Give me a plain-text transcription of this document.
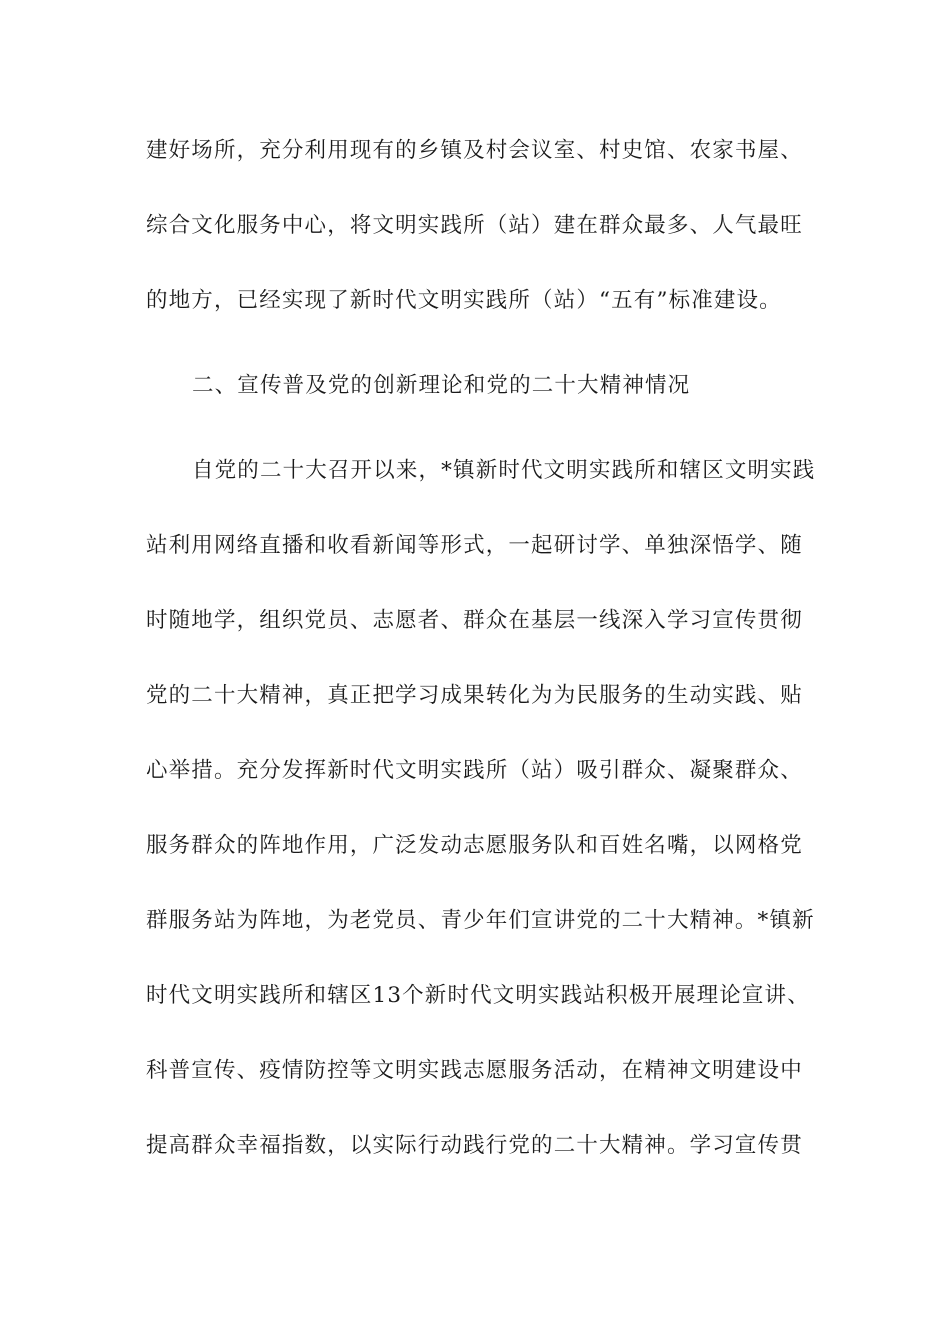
建好场所，充分利用现有的乡镇及村会议室、村史馆、农家书屋、
综合文化服务中心，将文明实践所（站）建在群众最多、人气最旺
的地方，已经实现了新时代文明实践所（站）“五有”标准建设。
二、宣传普及党的创新理论和党的二十大精神情况
自党的二十大召开以来，*镇新时代文明实践所和辖区文明实践
站利用网络直播和收看新闻等形式，一起研讨学、单独深悟学、随
时随地学，组织党员、志愿者、群众在基层一线深入学习宣传贯彻
党的二十大精神，真正把学习成果转化为为民服务的生动实践、贴
心举措。充分发挥新时代文明实践所（站）吸引群众、凝聚群众、
服务群众的阵地作用，广泛发动志愿服务队和百姓名嘴，以网格党
群服务站为阵地，为老党员、青少年们宣讲党的二十大精神。*镇新
时代文明实践所和辖区13个新时代文明实践站积极开展理论宣讲、
科普宣传、疫情防控等文明实践志愿服务活动，在精神文明建设中
提高群众幸福指数，以实际行动践行党的二十大精神。学习宣传贯
